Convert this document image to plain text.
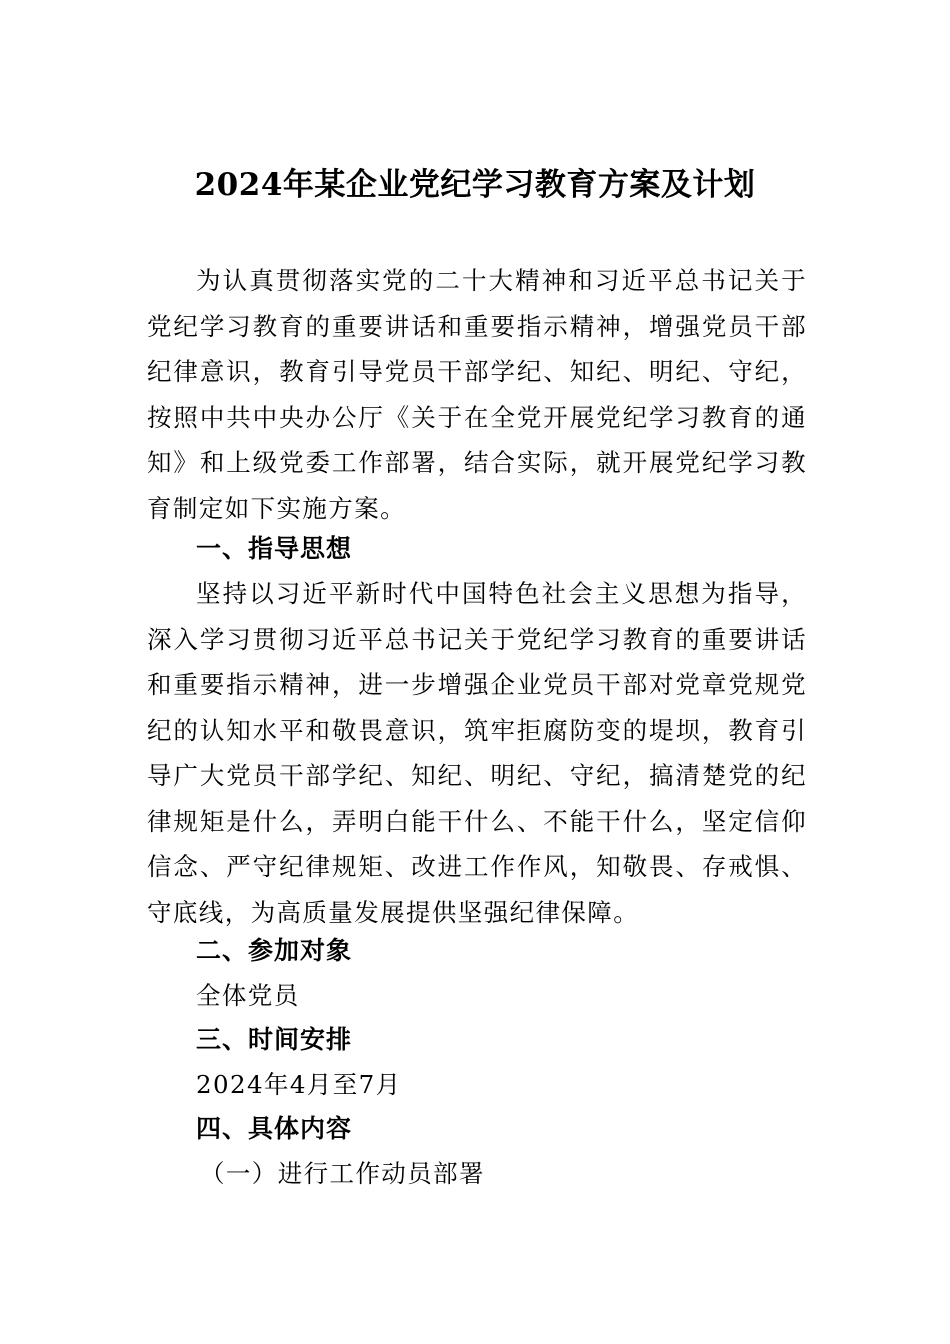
2024年某企业党纪学习教育方案及计划

为认真贯彻落实党的二十大精神和习近平总书记关于党纪学习教育的重要讲话和重要指示精神，增强党员干部纪律意识，教育引导党员干部学纪、知纪、明纪、守纪，按照中共中央办公厅《关于在全党开展党纪学习教育的通知》和上级党委工作部署，结合实际，就开展党纪学习教育制定如下实施方案。

一、指导思想

坚持以习近平新时代中国特色社会主义思想为指导，深入学习贯彻习近平总书记关于党纪学习教育的重要讲话和重要指示精神，进一步增强企业党员干部对党章党规党纪的认知水平和敬畏意识，筑牢拒腐防变的堤坝，教育引导广大党员干部学纪、知纪、明纪、守纪，搞清楚党的纪律规矩是什么，弄明白能干什么、不能干什么，坚定信仰信念、严守纪律规矩、改进工作作风，知敬畏、存戒惧、守底线，为高质量发展提供坚强纪律保障。

二、参加对象
全体党员
三、时间安排
2024年4月至7月
四、具体内容
（一）进行工作动员部署
